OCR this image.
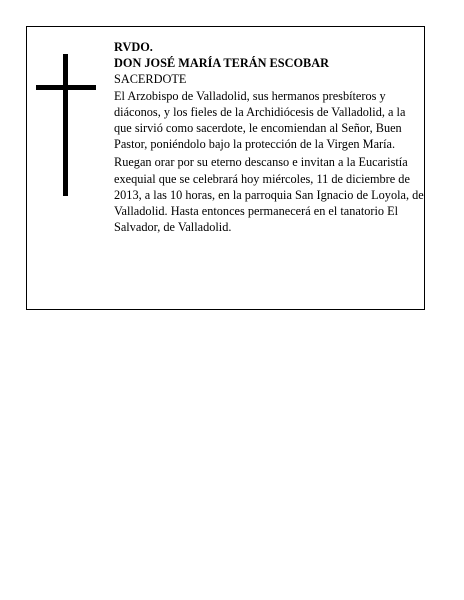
RVDO.

DON JOSÉ MARÍA TERÁN ESCOBAR

SACERDOTE

El Arzobispo de Valladolid, sus hermanos presbíteros y diáconos, y los fieles de la Archidiócesis de Valladolid, a la que sirvió como sacerdote, le encomiendan al Señor, Buen Pastor, poniéndolo bajo la protección de la Virgen María.

Ruegan orar por su eterno descanso e invitan a la Eucaristía exequial que se celebrará hoy miércoles, 11 de diciembre de 2013, a las 10 horas, en la parroquia San Ignacio de Loyola, de Valladolid. Hasta entonces permanecerá en el tanatorio El Salvador, de Valladolid.
